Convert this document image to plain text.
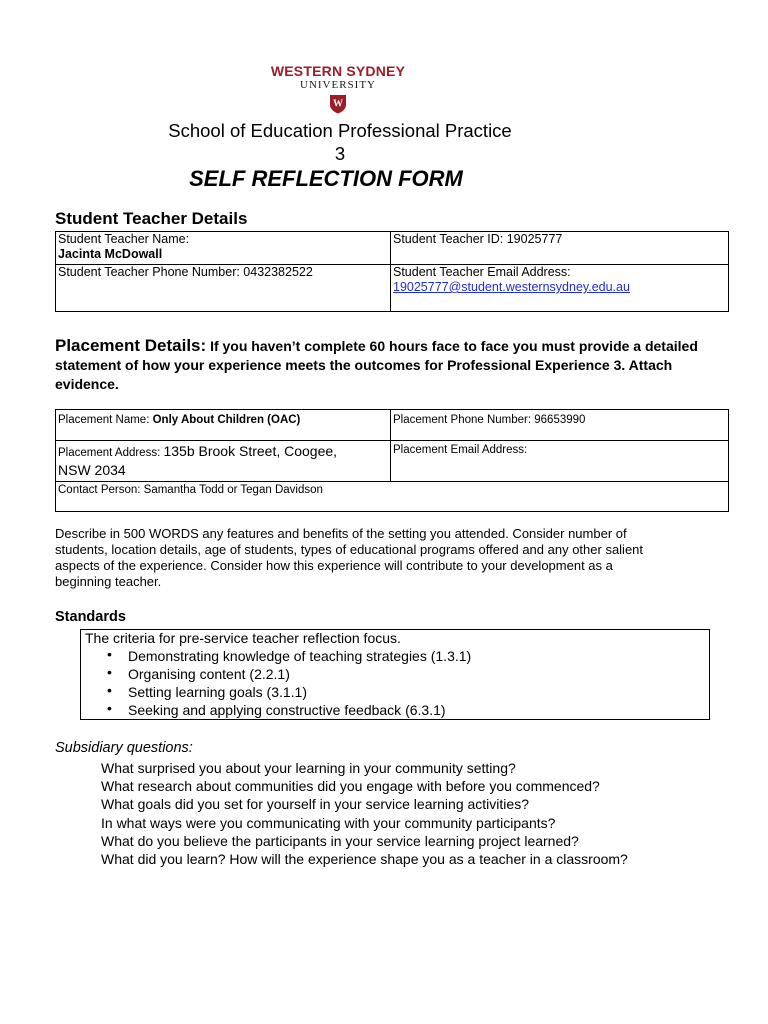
WESTERN SYDNEY
UNIVERSITY
W
School of Education Professional Practice
3
SELF REFLECTION FORM
Student Teacher Details
Student Teacher Name:
Jacinta McDowall	Student Teacher ID: 19025777

Student Teacher Phone Number: 0432382522	Student Teacher Email Address:
19025777@student.westernsydney.edu.au
Placement Details: If you haven’t complete 60 hours face to face you must provide a detailed statement of how your experience meets the outcomes for Professional Experience 3. Attach evidence.
Placement Name: Only About Children (OAC)	Placement Phone Number: 96653990
Placement Address: 135b Brook Street, Coogee,
NSW 2034	Placement Email Address:
Contact Person: Samantha Todd or Tegan Davidson	
Describe in 500 WORDS any features and benefits of the setting you attended. Consider number of
students, location details, age of students, types of educational programs offered and any other salient
aspects of the experience. Consider how this experience will contribute to your development as a
beginning teacher.
Standards
The criteria for pre-service teacher reflection focus.
• Demonstrating knowledge of teaching strategies (1.3.1)
• Organising content (2.2.1)
• Setting learning goals (3.1.1)
• Seeking and applying constructive feedback (6.3.1)
Subsidiary questions:
What surprised you about your learning in your community setting?
What research about communities did you engage with before you commenced?
What goals did you set for yourself in your service learning activities?
In what ways were you communicating with your community participants?
What do you believe the participants in your service learning project learned?
What did you learn? How will the experience shape you as a teacher in a classroom?
